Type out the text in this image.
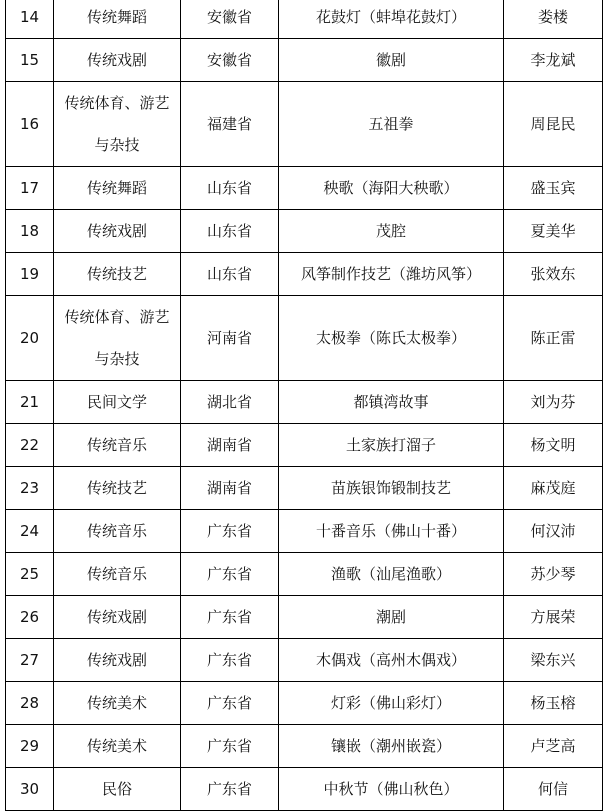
14	传统舞蹈	安徽省	花鼓灯（蚌埠花鼓灯）	娄楼
15	传统戏剧	安徽省	徽剧	李龙斌
16	传统体育、游艺与杂技	福建省	五祖拳	周昆民
17	传统舞蹈	山东省	秧歌（海阳大秧歌）	盛玉宾
18	传统戏剧	山东省	茂腔	夏美华
19	传统技艺	山东省	风筝制作技艺（潍坊风筝）	张效东
20	传统体育、游艺与杂技	河南省	太极拳（陈氏太极拳）	陈正雷
21	民间文学	湖北省	都镇湾故事	刘为芬
22	传统音乐	湖南省	土家族打溜子	杨文明
23	传统技艺	湖南省	苗族银饰锻制技艺	麻茂庭
24	传统音乐	广东省	十番音乐（佛山十番）	何汉沛
25	传统音乐	广东省	渔歌（汕尾渔歌）	苏少琴
26	传统戏剧	广东省	潮剧	方展荣
27	传统戏剧	广东省	木偶戏（高州木偶戏）	梁东兴
28	传统美术	广东省	灯彩（佛山彩灯）	杨玉榕
29	传统美术	广东省	镶嵌（潮州嵌瓷）	卢芝高
30	民俗	广东省	中秋节（佛山秋色）	何信
